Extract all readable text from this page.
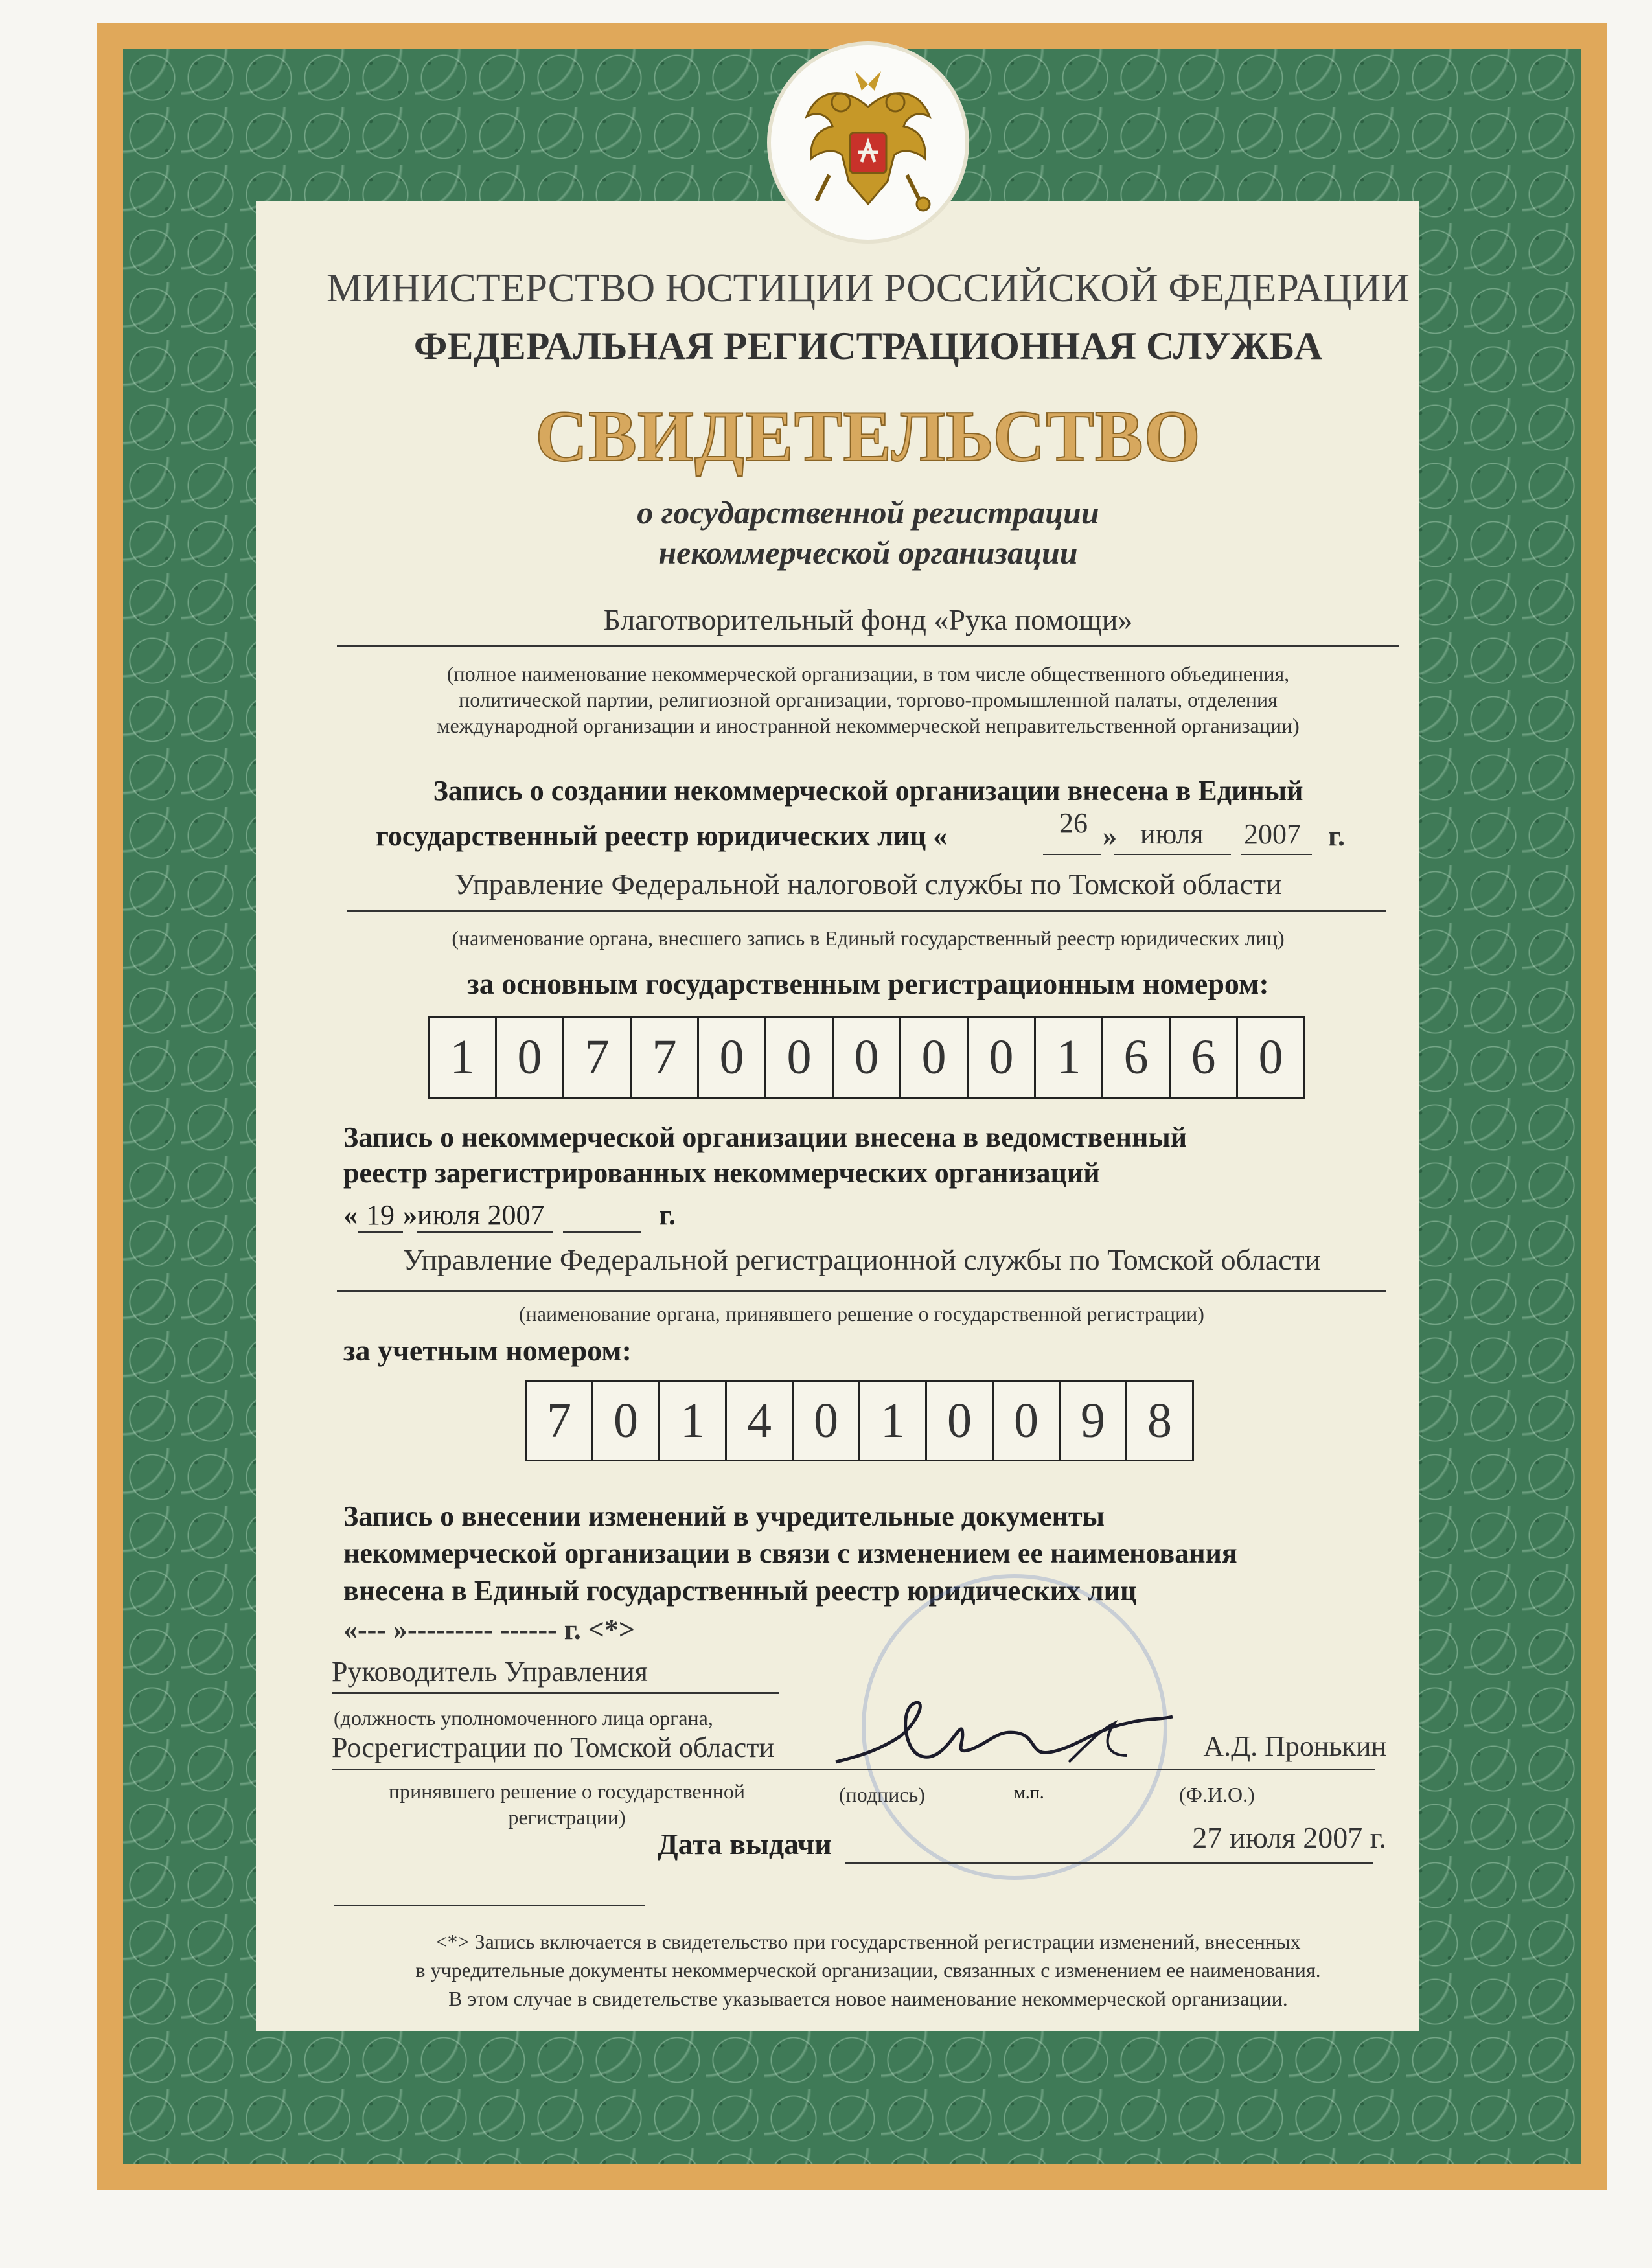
МИНИСТЕРСТВО ЮСТИЦИИ РОССИЙСКОЙ ФЕДЕРАЦИИ
ФЕДЕРАЛЬНАЯ РЕГИСТРАЦИОННАЯ СЛУЖБА
СВИДЕТЕЛЬСТВО
о государственной регистрации
некоммерческой организации
Благотворительный фонд «Рука помощи»
(полное наименование некоммерческой организации, в том числе общественного объединения,
политической партии, религиозной организации, торгово-промышленной палаты, отделения
международной организации и иностранной некоммерческой неправительственной организации)
Запись о создании некоммерческой организации внесена в Единый
государственный реестр юридических лиц «	26 » июля 2007 г.
Управление Федеральной налоговой службы по Томской области
(наименование органа, внесшего запись в Единый государственный реестр юридических лиц)
за основным государственным регистрационным номером:
1 0 7 7 0 0 0 0 0 1 6 6 0
Запись о некоммерческой организации внесена в ведомственный
реестр зарегистрированных некоммерческих организаций
« 19 »июля 2007	г.
Управление Федеральной регистрационной службы по Томской области
(наименование органа, принявшего решение о государственной регистрации)
за учетным номером:
7 0 1 4 0 1 0 0 9 8
Запись о внесении изменений в учредительные документы
некоммерческой организации в связи с изменением ее наименования
внесена в Единый государственный реестр юридических лиц
«--- »--------- ------ г. <*>
Руководитель Управления
(должность уполномоченного лица органа,
Росрегистрации по Томской области
принявшего решение о государственной
регистрации)
(подпись)	м.п.	(Ф.И.О.)
А.Д. Пронькин
Дата выдачи	27 июля 2007 г.
<*> Запись включается в свидетельство при государственной регистрации изменений, внесенных
в учредительные документы некоммерческой организации, связанных с изменением ее наименования.
В этом случае в свидетельстве указывается новое наименование некоммерческой организации.
